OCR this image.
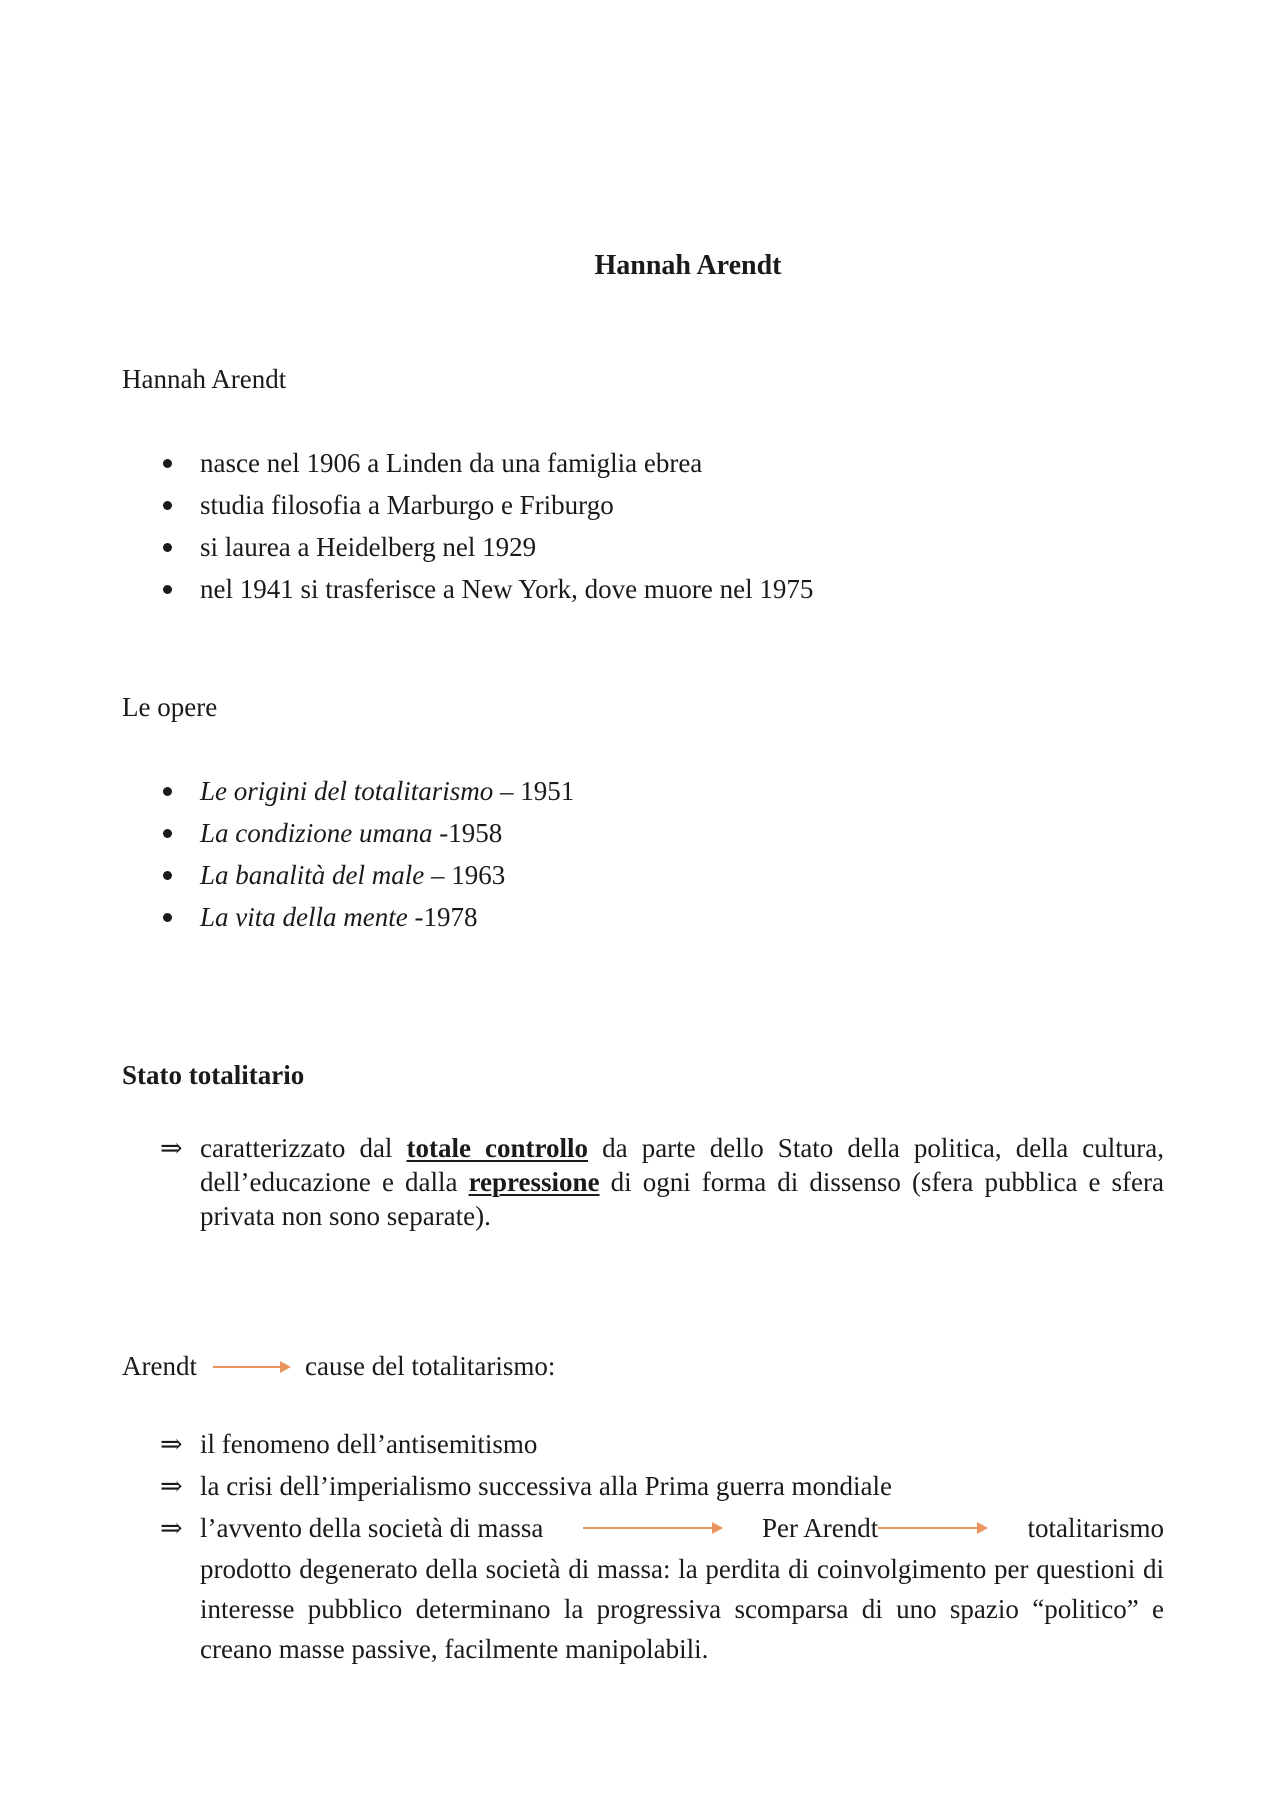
Hannah Arendt
Hannah Arendt
nasce nel 1906 a Linden da una famiglia ebrea
studia filosofia a Marburgo e Friburgo
si laurea a Heidelberg nel 1929
nel 1941 si trasferisce a New York, dove muore nel 1975
Le opere
Le origini del totalitarismo – 1951
La condizione umana -1958
La banalità del male – 1963
La vita della mente -1978
Stato totalitario
⇒ caratterizzato dal totale controllo da parte dello Stato della politica, della cultura, dell’educazione e dalla repressione di ogni forma di dissenso (sfera pubblica e sfera privata non sono separate).
Arendt	cause del totalitarismo:
⇒ il fenomeno dell’antisemitismo
⇒ la crisi dell’imperialismo successiva alla Prima guerra mondiale
⇒ l’avvento della società di massa	Per Arendt	totalitarismo
prodotto degenerato della società di massa: la perdita di coinvolgimento per questioni di interesse pubblico determinano la progressiva scomparsa di uno spazio “politico” e creano masse passive, facilmente manipolabili.
